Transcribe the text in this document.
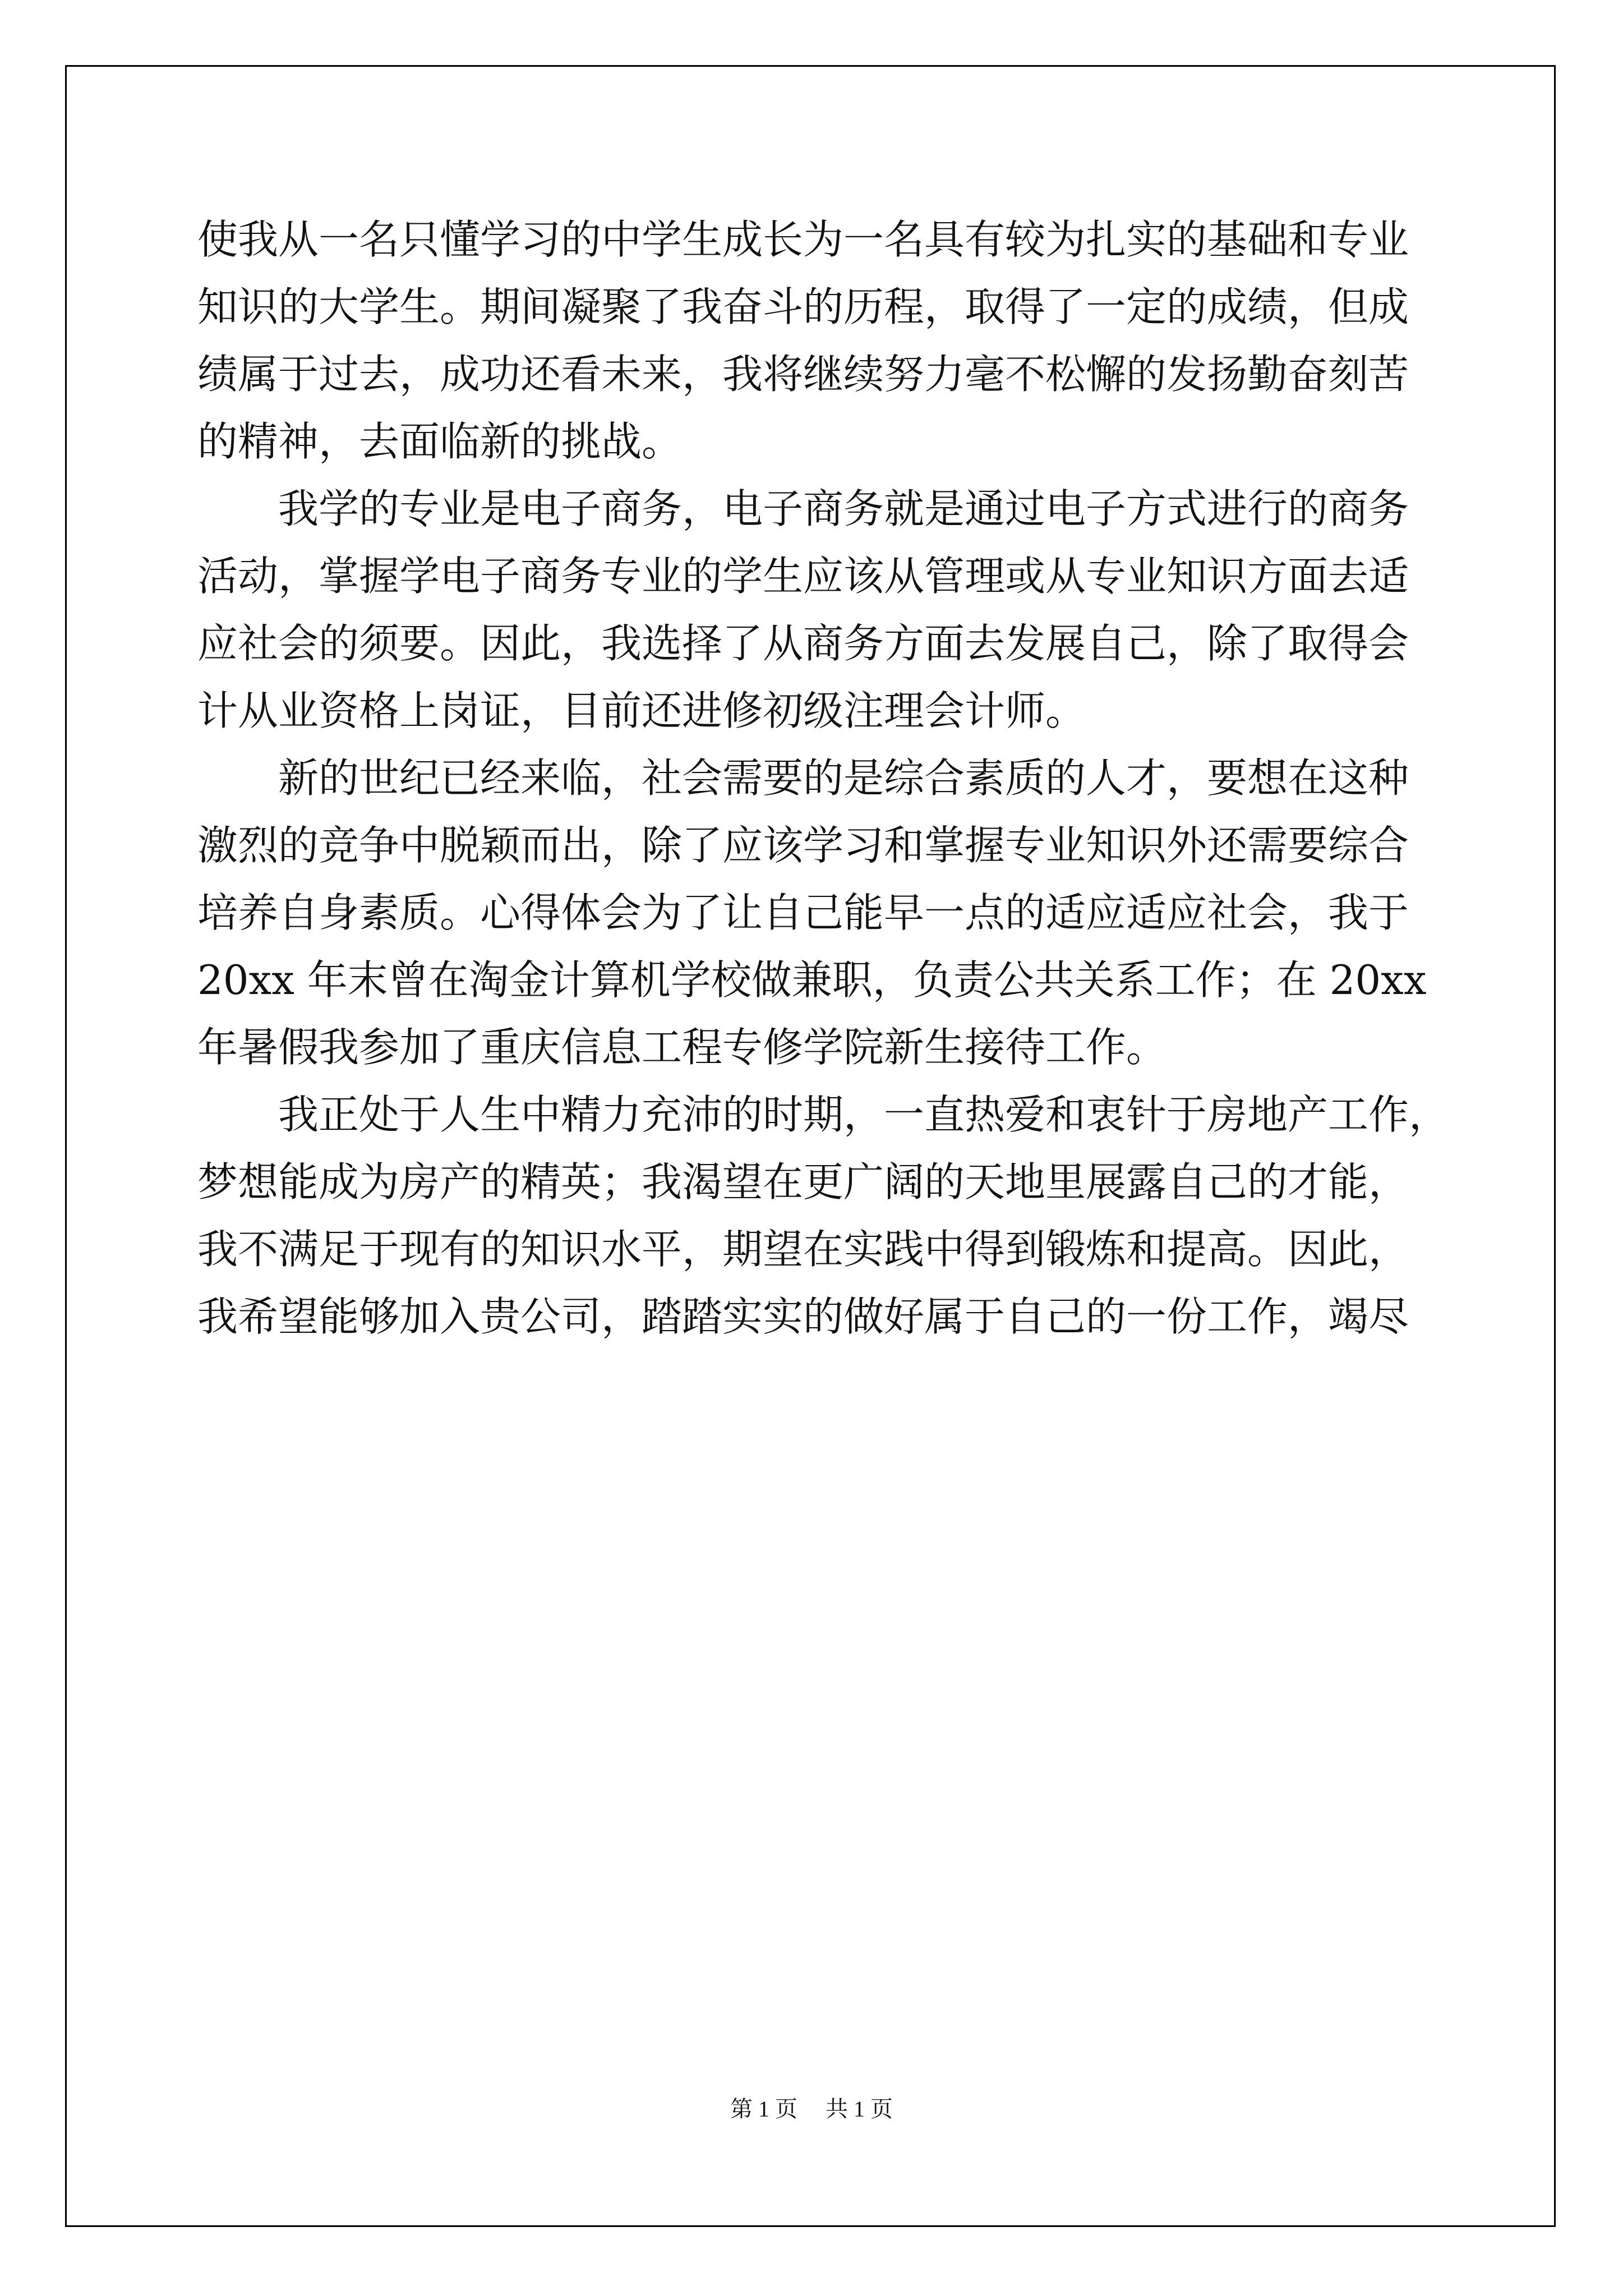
使我从一名只懂学习的中学生成长为一名具有较为扎实的基础和专业
知识的大学生。期间凝聚了我奋斗的历程，取得了一定的成绩，但成
绩属于过去，成功还看未来，我将继续努力毫不松懈的发扬勤奋刻苦
的精神，去面临新的挑战。
我学的专业是电子商务，电子商务就是通过电子方式进行的商务
活动，掌握学电子商务专业的学生应该从管理或从专业知识方面去适
应社会的须要。因此，我选择了从商务方面去发展自己，除了取得会
计从业资格上岗证，目前还进修初级注理会计师。
新的世纪已经来临，社会需要的是综合素质的人才，要想在这种
激烈的竞争中脱颖而出，除了应该学习和掌握专业知识外还需要综合
培养自身素质。心得体会为了让自己能早一点的适应适应社会，我于
20xx 年末曾在淘金计算机学校做兼职，负责公共关系工作；在 20xx
年暑假我参加了重庆信息工程专修学院新生接待工作。
我正处于人生中精力充沛的时期，一直热爱和衷针于房地产工作，
梦想能成为房产的精英；我渴望在更广阔的天地里展露自己的才能，
我不满足于现有的知识水平，期望在实践中得到锻炼和提高。因此，
我希望能够加入贵公司，踏踏实实的做好属于自己的一份工作，竭尽
第 1 页　 共 1 页
